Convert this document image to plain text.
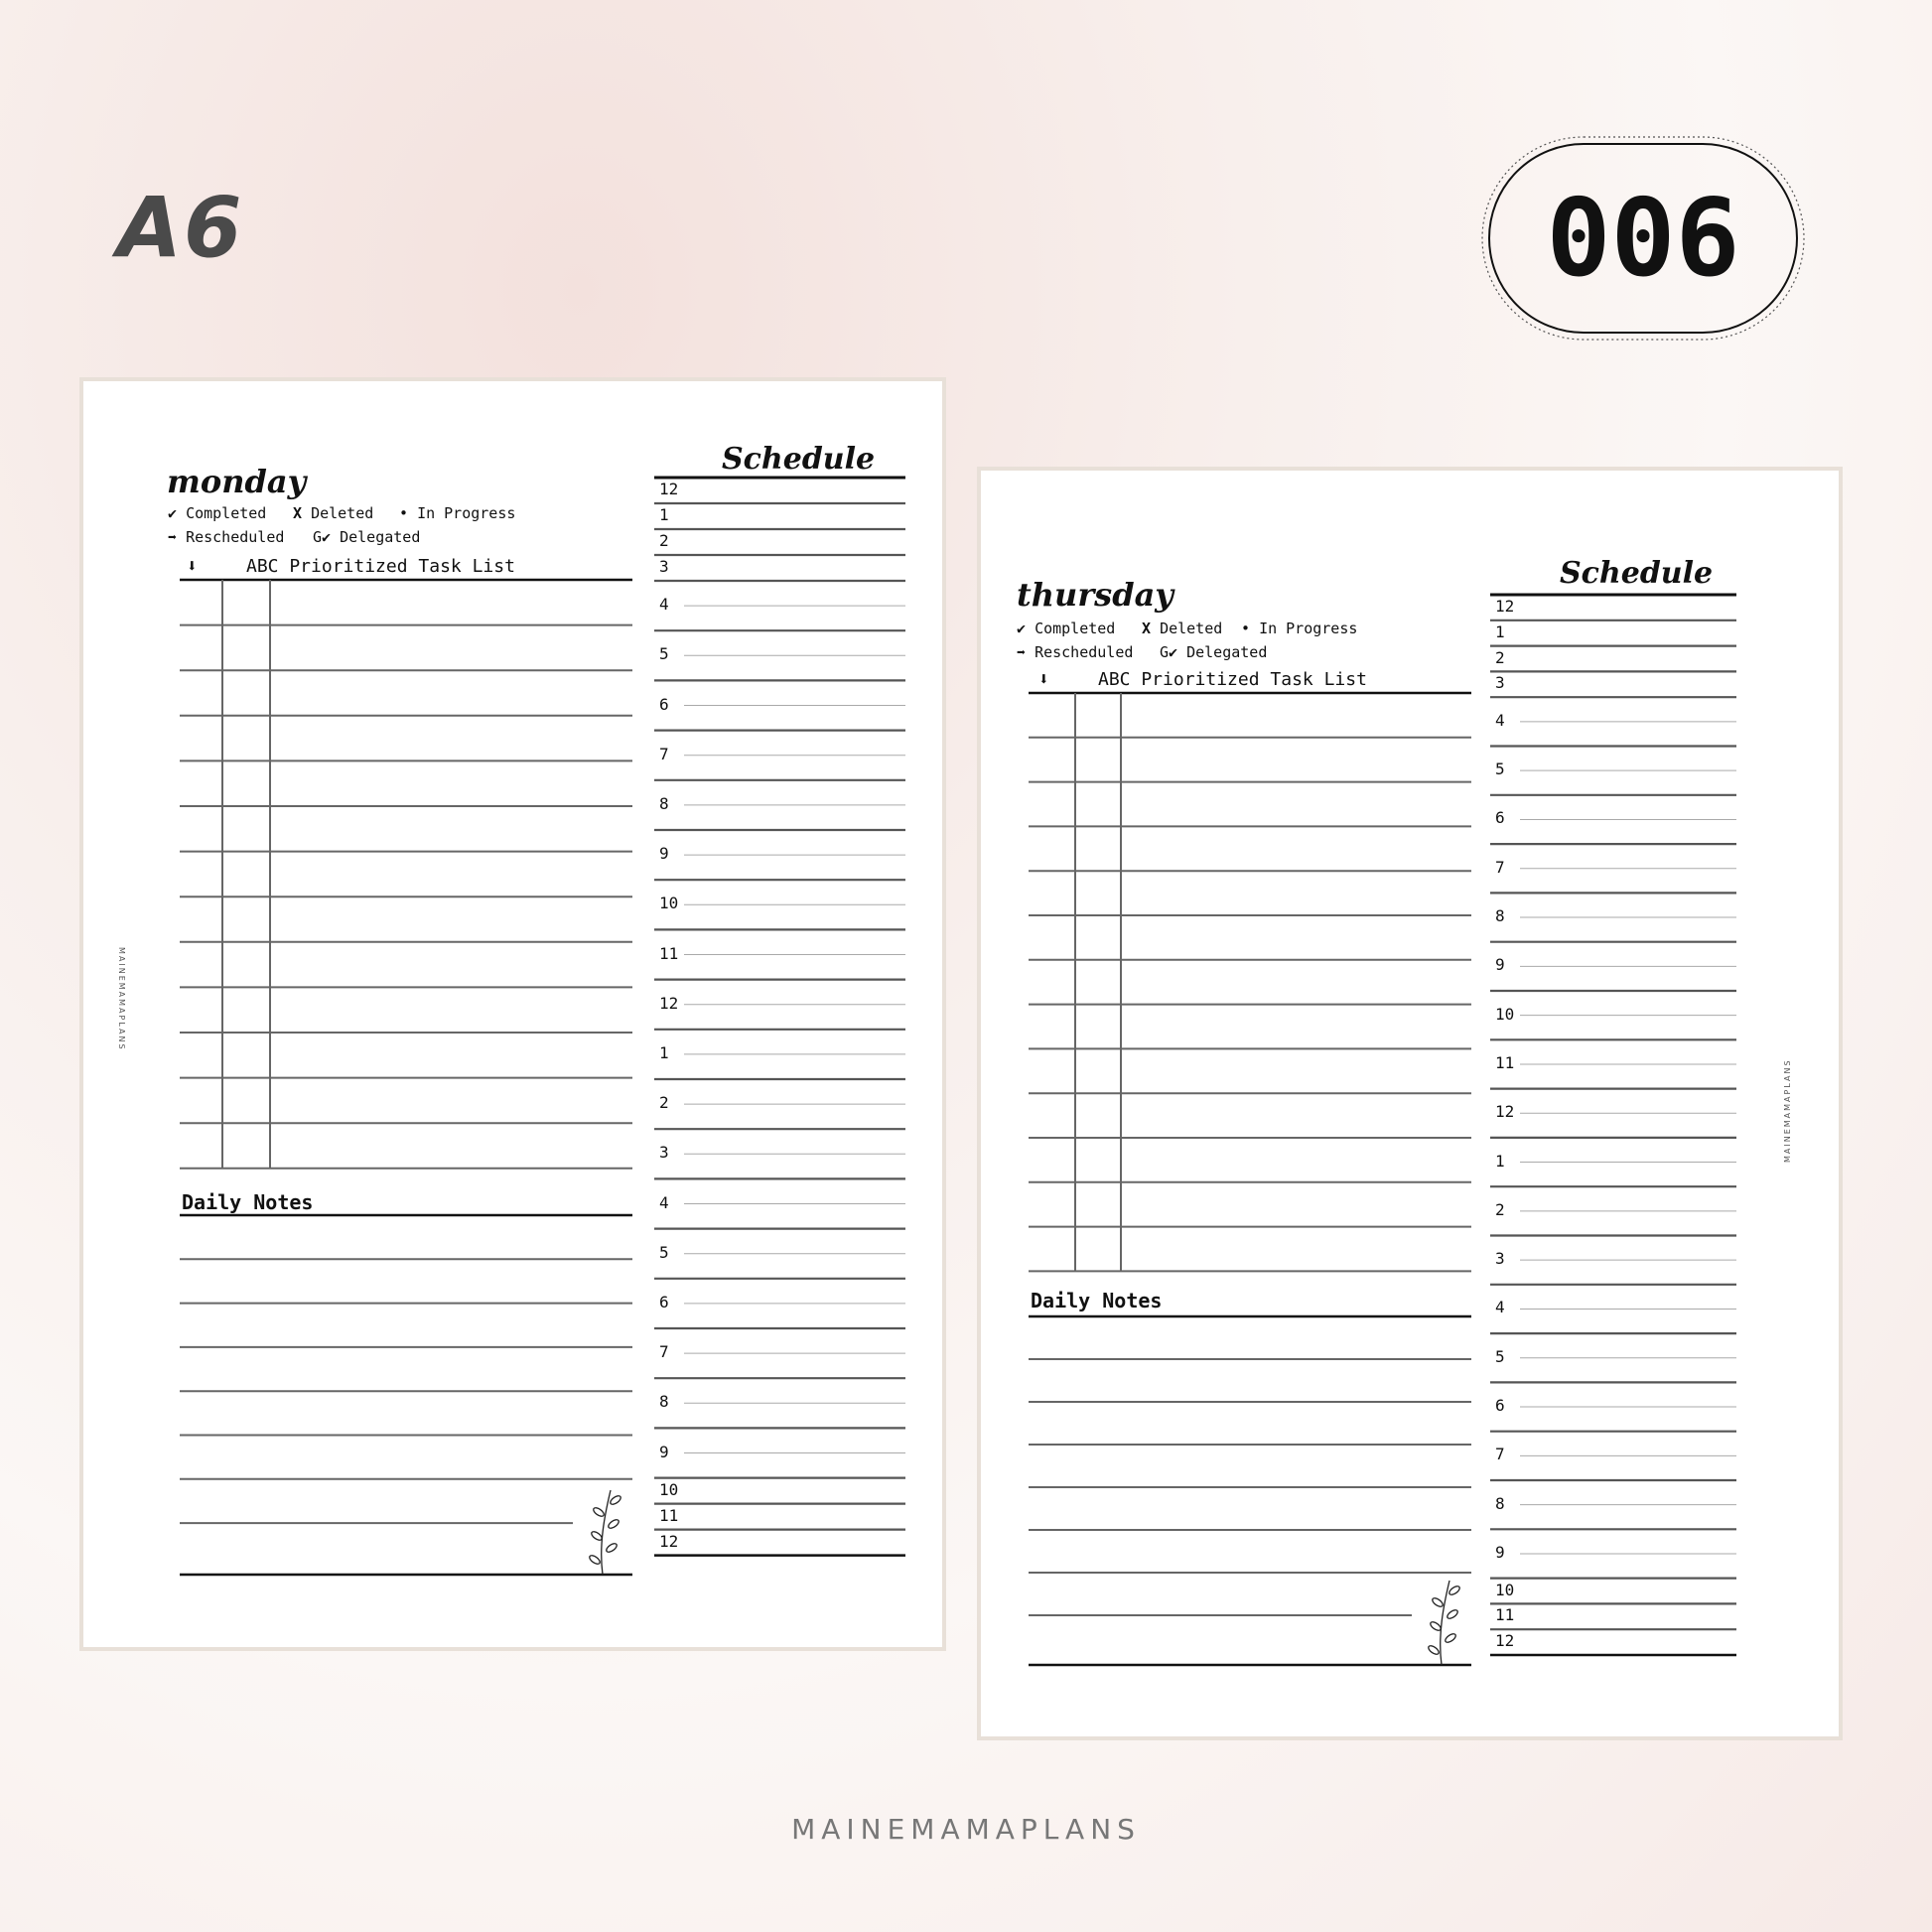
A6	006
monday
Schedule
✔ Completed X Deleted • In Progress
➡ Rescheduled G✔ Delegated
⬇	ABC Prioritized Task List
Daily Notes
12
1
2
3
4
5
6
7
8
9
10
11
12
1
2
3
4
5
6
7
8
9
10
11
12
MAINEMAMAPLANS
thursday
Schedule
✔ Completed X Deleted • In Progress
➡ Rescheduled G✔ Delegated
⬇	ABC Prioritized Task List
Daily Notes
12
1
2
3
4
5
6
7
8
9
10
11
12
1
2
3
4
5
6
7
8
9
10
11
12
MAINEMAMAPLANS
MAINEMAMAPLANS
